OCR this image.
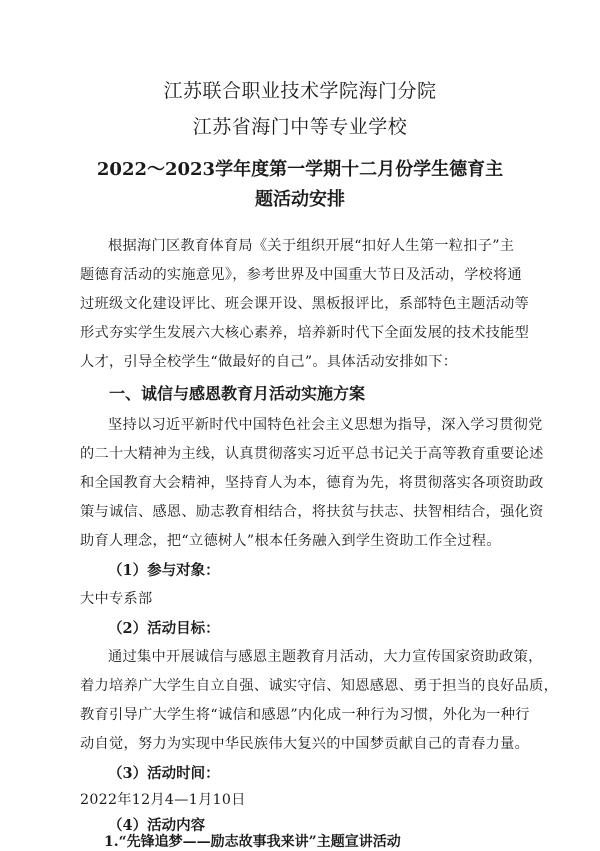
江苏联合职业技术学院海门分院

江苏省海门中等专业学校

2022～2023学年度第一学期十二月份学生德育主

题活动安排

根据海门区教育体育局《关于组织开展“扣好人生第一粒扣子”主

题德育活动的实施意见》，参考世界及中国重大节日及活动，学校将通

过班级文化建设评比、班会课开设、黑板报评比，系部特色主题活动等

形式夯实学生发展六大核心素养，培养新时代下全面发展的技术技能型

人才，引导全校学生“做最好的自己”。具体活动安排如下：

一、诚信与感恩教育月活动实施方案

坚持以习近平新时代中国特色社会主义思想为指导，深入学习贯彻党

的二十大精神为主线，认真贯彻落实习近平总书记关于高等教育重要论述

和全国教育大会精神，坚持育人为本，德育为先，将贯彻落实各项资助政

策与诚信、感恩、励志教育相结合，将扶贫与扶志、扶智相结合，强化资

助育人理念，把“立德树人”根本任务融入到学生资助工作全过程。

（1）参与对象：

大中专系部

（2）活动目标：

通过集中开展诚信与感恩主题教育月活动，大力宣传国家资助政策，

着力培养广大学生自立自强、诚实守信、知恩感恩、勇于担当的良好品质，

教育引导广大学生将“诚信和感恩”内化成一种行为习惯，外化为一种行

动自觉，努力为实现中华民族伟大复兴的中国梦贡献自己的青春力量。

（3）活动时间：

2022年12月4—1月10日

（4）活动内容

1.“先锋追梦——励志故事我来讲”主题宣讲活动
